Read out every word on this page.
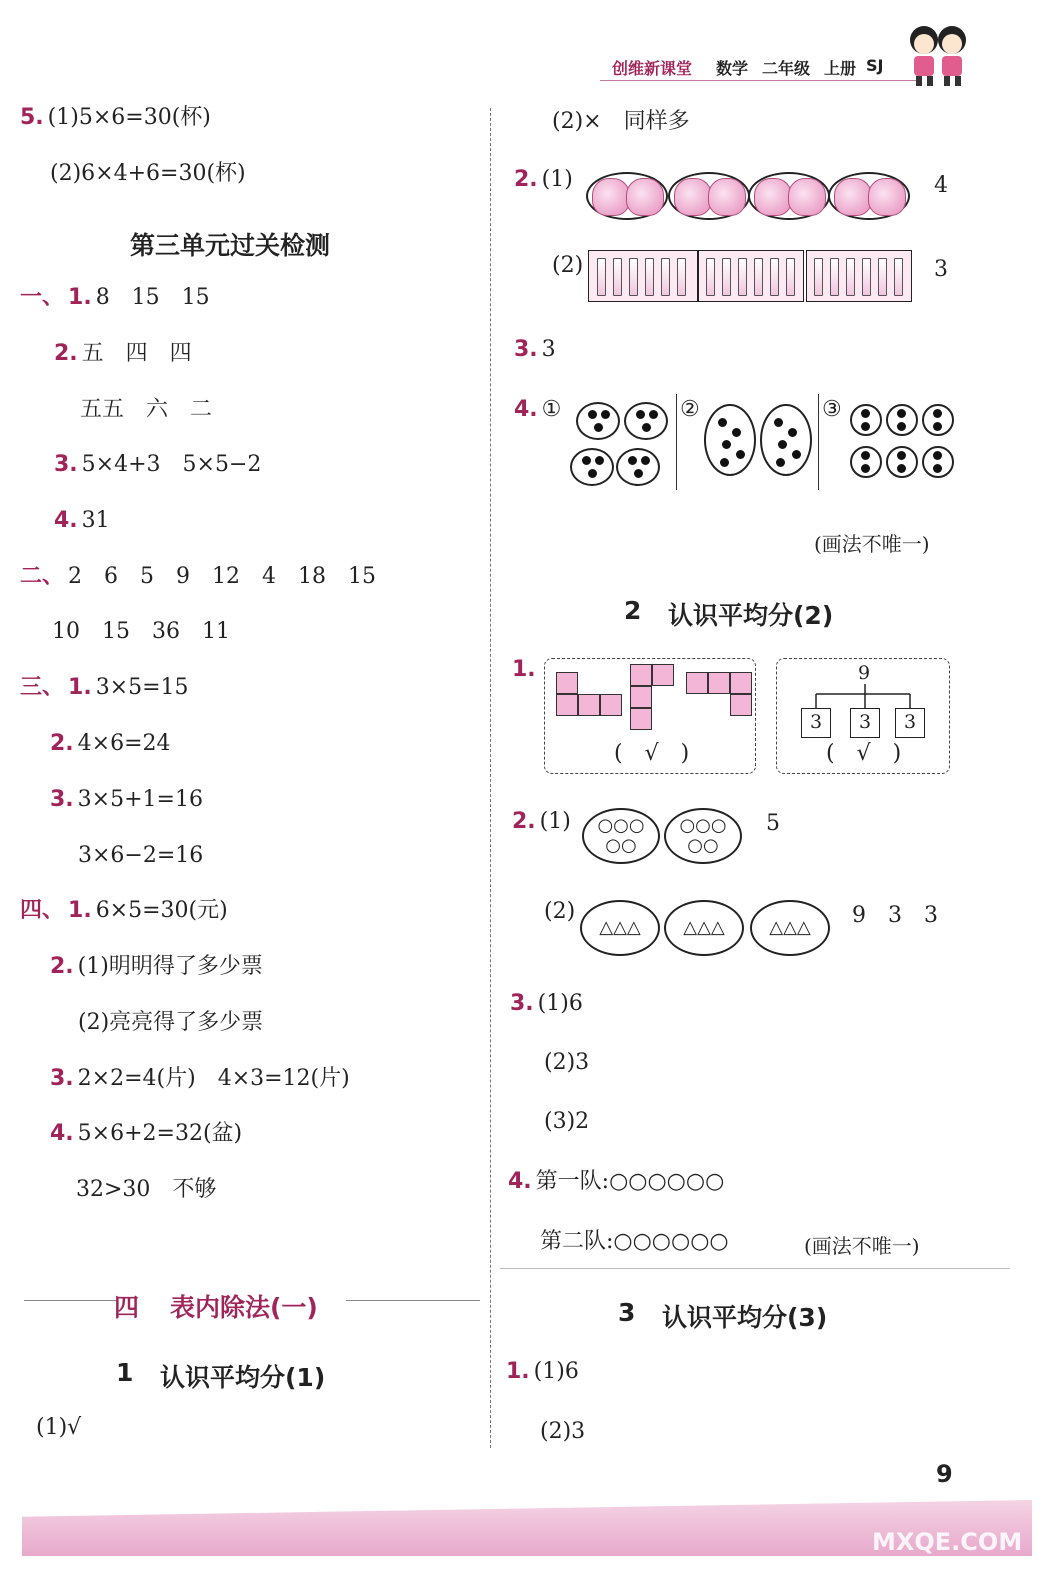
创维新课堂 数学 二年级 上册 SJ
5. (1)5×6=30(杯)
(2)6×4+6=30(杯)
第三单元过关检测
一、 1. 8　15　15
2. 五　四　四
五五　六　二
3. 5×4+3　5×5−2
4. 31
二、 2　6　5　9　12　4　18　15
10　15　36　11
三、 1. 3×5=15
2. 4×6=24
3. 3×5+1=16
3×6−2=16
四、 1. 6×5=30(元)
2. (1)明明得了多少票
(2)亮亮得了多少票
3. 2×2=4(片)　4×3=12(片)
4. 5×6+2=32(盆)
32>30　不够
四 表内除法(一)
1 认识平均分(1)
(1)√
(2)×　同样多
2. (1)	4
(2)	3
3. 3
4. ①	②	③
(画法不唯一)
2 认识平均分(2)
1.
(　√　)
9
3	3	3
(　√　)
2. (1)	○○○
○○
○○○
○○
5
(2)
△△△	△△△	△△△	9　3　3
3. (1)6
(2)3
(3)2
4. 第一队:○○○○○○
第二队:○○○○○○	(画法不唯一)
3 认识平均分(3)
1. (1)6
(2)3
9
MXQE.COM
